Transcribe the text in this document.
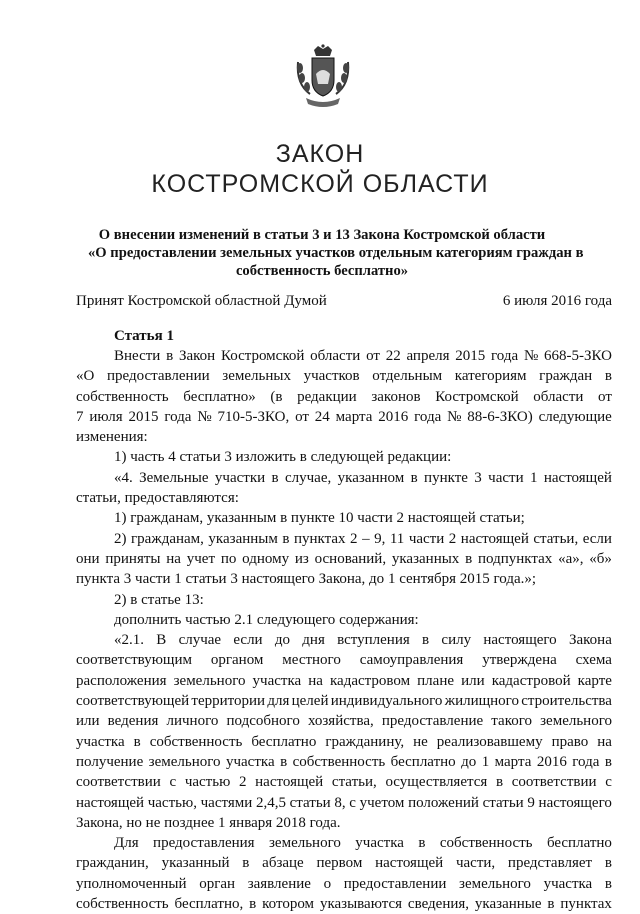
ЗАКОН
КОСТРОМСКОЙ ОБЛАСТИ
О внесении изменений в статьи 3 и 13 Закона Костромской области
«О предоставлении земельных участков отдельным категориям граждан в
собственность бесплатно»
Принят Костромской областной Думой	6 июля 2016 года
Статья 1
Внести в Закон Костромской области от 22 апреля 2015 года № 668-5-ЗКО
«О предоставлении земельных участков отдельным категориям граждан в
собственность бесплатно» (в редакции законов Костромской области от
7 июля 2015 года № 710-5-ЗКО, от 24 марта 2016 года № 88-6-ЗКО) следующие
изменения:
1) часть 4 статьи 3 изложить в следующей редакции:
«4. Земельные участки в случае, указанном в пункте 3 части 1 настоящей
статьи, предоставляются:
1) гражданам, указанным в пункте 10 части 2 настоящей статьи;
2) гражданам, указанным в пунктах 2 – 9, 11 части 2 настоящей статьи, если
они приняты на учет по одному из оснований, указанных в подпунктах «а», «б»
пункта 3 части 1 статьи 3 настоящего Закона, до 1 сентября 2015 года.»;
2) в статье 13:
дополнить частью 2.1 следующего содержания:
«2.1. В случае если до дня вступления в силу настоящего Закона
соответствующим органом местного самоуправления утверждена схема
расположения земельного участка на кадастровом плане или кадастровой карте
соответствующей территории для целей индивидуального жилищного строительства
или ведения личного подсобного хозяйства, предоставление такого земельного
участка в собственность бесплатно гражданину, не реализовавшему право на
получение земельного участка в собственность бесплатно до 1 марта 2016 года в
соответствии с частью 2 настоящей статьи, осуществляется в соответствии с
настоящей частью, частями 2,4,5 статьи 8, с учетом положений статьи 9 настоящего
Закона, но не позднее 1 января 2018 года.
Для предоставления земельного участка в собственность бесплатно
гражданин, указанный в абзаце первом настоящей части, представляет в
уполномоченный орган заявление о предоставлении земельного участка в
собственность бесплатно, в котором указываются сведения, указанные в пунктах
